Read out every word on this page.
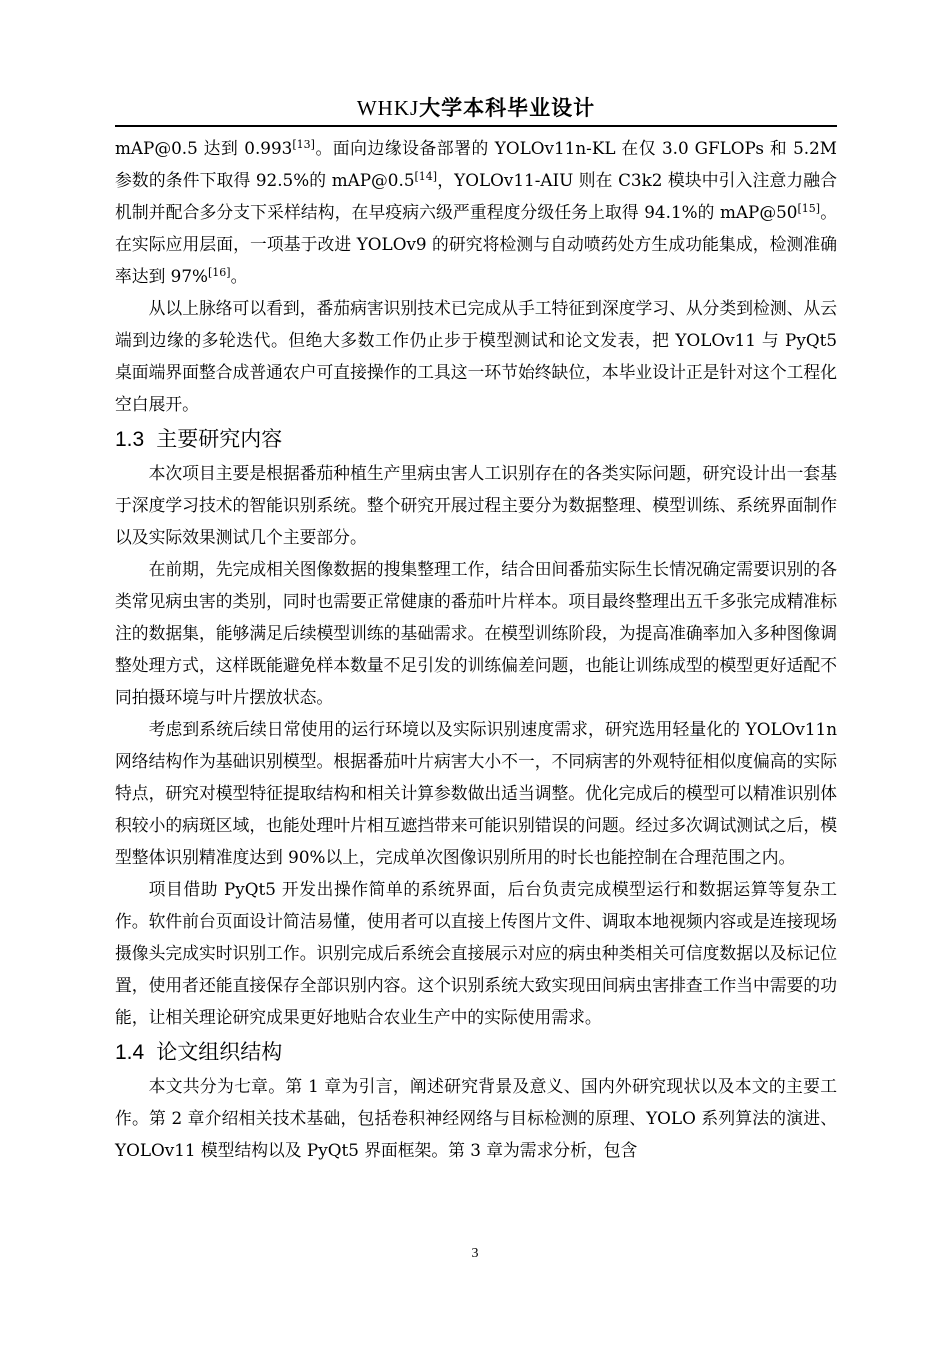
WHKJ大学本科毕业设计

mAP@0.5 达到 0.993[13]。面向边缘设备部署的 YOLOv11n-KL 在仅 3.0 GFLOPs 和 5.2M 参数的条件下取得 92.5%的 mAP@0.5[14]，YOLOv11-AIU 则在 C3k2 模块中引入注意力融合机制并配合多分支下采样结构，在早疫病六级严重程度分级任务上取得 94.1%的 mAP@50[15]。在实际应用层面，一项基于改进 YOLOv9 的研究将检测与自动喷药处方生成功能集成，检测准确率达到 97%[16]。

从以上脉络可以看到，番茄病害识别技术已完成从手工特征到深度学习、从分类到检测、从云端到边缘的多轮迭代。但绝大多数工作仍止步于模型测试和论文发表，把 YOLOv11 与 PyQt5 桌面端界面整合成普通农户可直接操作的工具这一环节始终缺位，本毕业设计正是针对这个工程化空白展开。

1.3 主要研究内容

本次项目主要是根据番茄种植生产里病虫害人工识别存在的各类实际问题，研究设计出一套基于深度学习技术的智能识别系统。整个研究开展过程主要分为数据整理、模型训练、系统界面制作以及实际效果测试几个主要部分。

在前期，先完成相关图像数据的搜集整理工作，结合田间番茄实际生长情况确定需要识别的各类常见病虫害的类别，同时也需要正常健康的番茄叶片样本。项目最终整理出五千多张完成精准标注的数据集，能够满足后续模型训练的基础需求。在模型训练阶段，为提高准确率加入多种图像调整处理方式，这样既能避免样本数量不足引发的训练偏差问题，也能让训练成型的模型更好适配不同拍摄环境与叶片摆放状态。

考虑到系统后续日常使用的运行环境以及实际识别速度需求，研究选用轻量化的 YOLOv11n 网络结构作为基础识别模型。根据番茄叶片病害大小不一，不同病害的外观特征相似度偏高的实际特点，研究对模型特征提取结构和相关计算参数做出适当调整。优化完成后的模型可以精准识别体积较小的病斑区域，也能处理叶片相互遮挡带来可能识别错误的问题。经过多次调试测试之后，模型整体识别精准度达到 90%以上，完成单次图像识别所用的时长也能控制在合理范围之内。

项目借助 PyQt5 开发出操作简单的系统界面，后台负责完成模型运行和数据运算等复杂工作。软件前台页面设计简洁易懂，使用者可以直接上传图片文件、调取本地视频内容或是连接现场摄像头完成实时识别工作。识别完成后系统会直接展示对应的病虫种类相关可信度数据以及标记位置，使用者还能直接保存全部识别内容。这个识别系统大致实现田间病虫害排查工作当中需要的功能，让相关理论研究成果更好地贴合农业生产中的实际使用需求。

1.4 论文组织结构

本文共分为七章。第 1 章为引言，阐述研究背景及意义、国内外研究现状以及本文的主要工作。第 2 章介绍相关技术基础，包括卷积神经网络与目标检测的原理、YOLO 系列算法的演进、YOLOv11 模型结构以及 PyQt5 界面框架。第 3 章为需求分析，包含

3
